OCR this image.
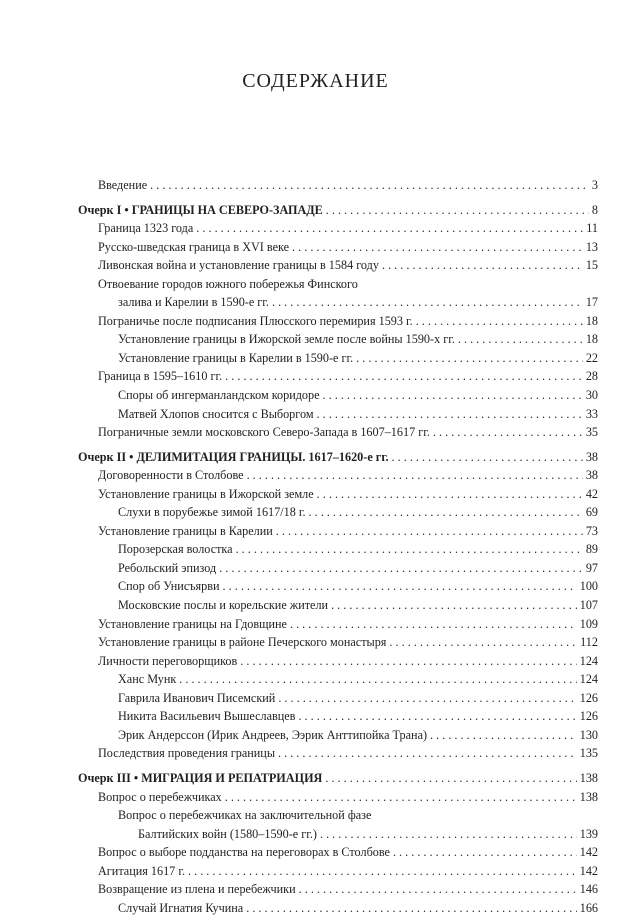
СОДЕРЖАНИЕ
Введение . . .	3
Очерк I • ГРАНИЦЫ НА СЕВЕРО-ЗАПАДЕ . . .	8
Граница 1323 года . . .	11
Русско-шведская граница в XVI веке . . .	13
Ливонская война и установление границы в 1584 году . . .	15
Отвоевание городов южного побережья Финского
залива и Карелии в 1590-е гг. . . .	17
Пограничье после подписания Плюсского перемирия 1593 г. . . .	18
Установление границы в Ижорской земле после войны 1590-х гг. . . .	18
Установление границы в Карелии в 1590-е гг. . . .	22
Граница в 1595–1610 гг. . . .	28
Споры об ингерманландском коридоре . . .	30
Матвей Хлопов сносится с Выборгом . . .	33
Пограничные земли московского Северо-Запада в 1607–1617 гг. . . .	35
Очерк II • ДЕЛИМИТАЦИЯ ГРАНИЦЫ. 1617–1620-е гг. . . .	38
Договоренности в Столбове . . .	38
Установление границы в Ижорской земле . . .	42
Слухи в порубежье зимой 1617/18 г. . . .	69
Установление границы в Карелии . . .	73
Порозерская волостка . . .	89
Ребольский эпизод . . .	97
Спор об Унисъярви . . .	100
Московские послы и корельские жители . . .	107
Установление границы на Гдовщине . . .	109
Установление границы в районе Печерского монастыря . . .	112
Личности переговорщиков . . .	124
Ханс Мунк . . .	124
Гаврила Иванович Писемский . . .	126
Никита Васильевич Вышеславцев . . .	126
Эрик Андерссон (Ирик Андреев, Ээрик Анттипойка Трана) . . .	130
Последствия проведения границы . . .	135
Очерк III • МИГРАЦИЯ И РЕПАТРИАЦИЯ . . .	138
Вопрос о перебежчиках . . .	138
Вопрос о перебежчиках на заключительной фазе
Балтийских войн (1580–1590-е гг.) . . .	139
Вопрос о выборе подданства на переговорах в Столбове . . .	142
Агитация 1617 г. . . .	142
Возвращение из плена и перебежчики . . .	146
Случай Игнатия Кучина . . .	166
